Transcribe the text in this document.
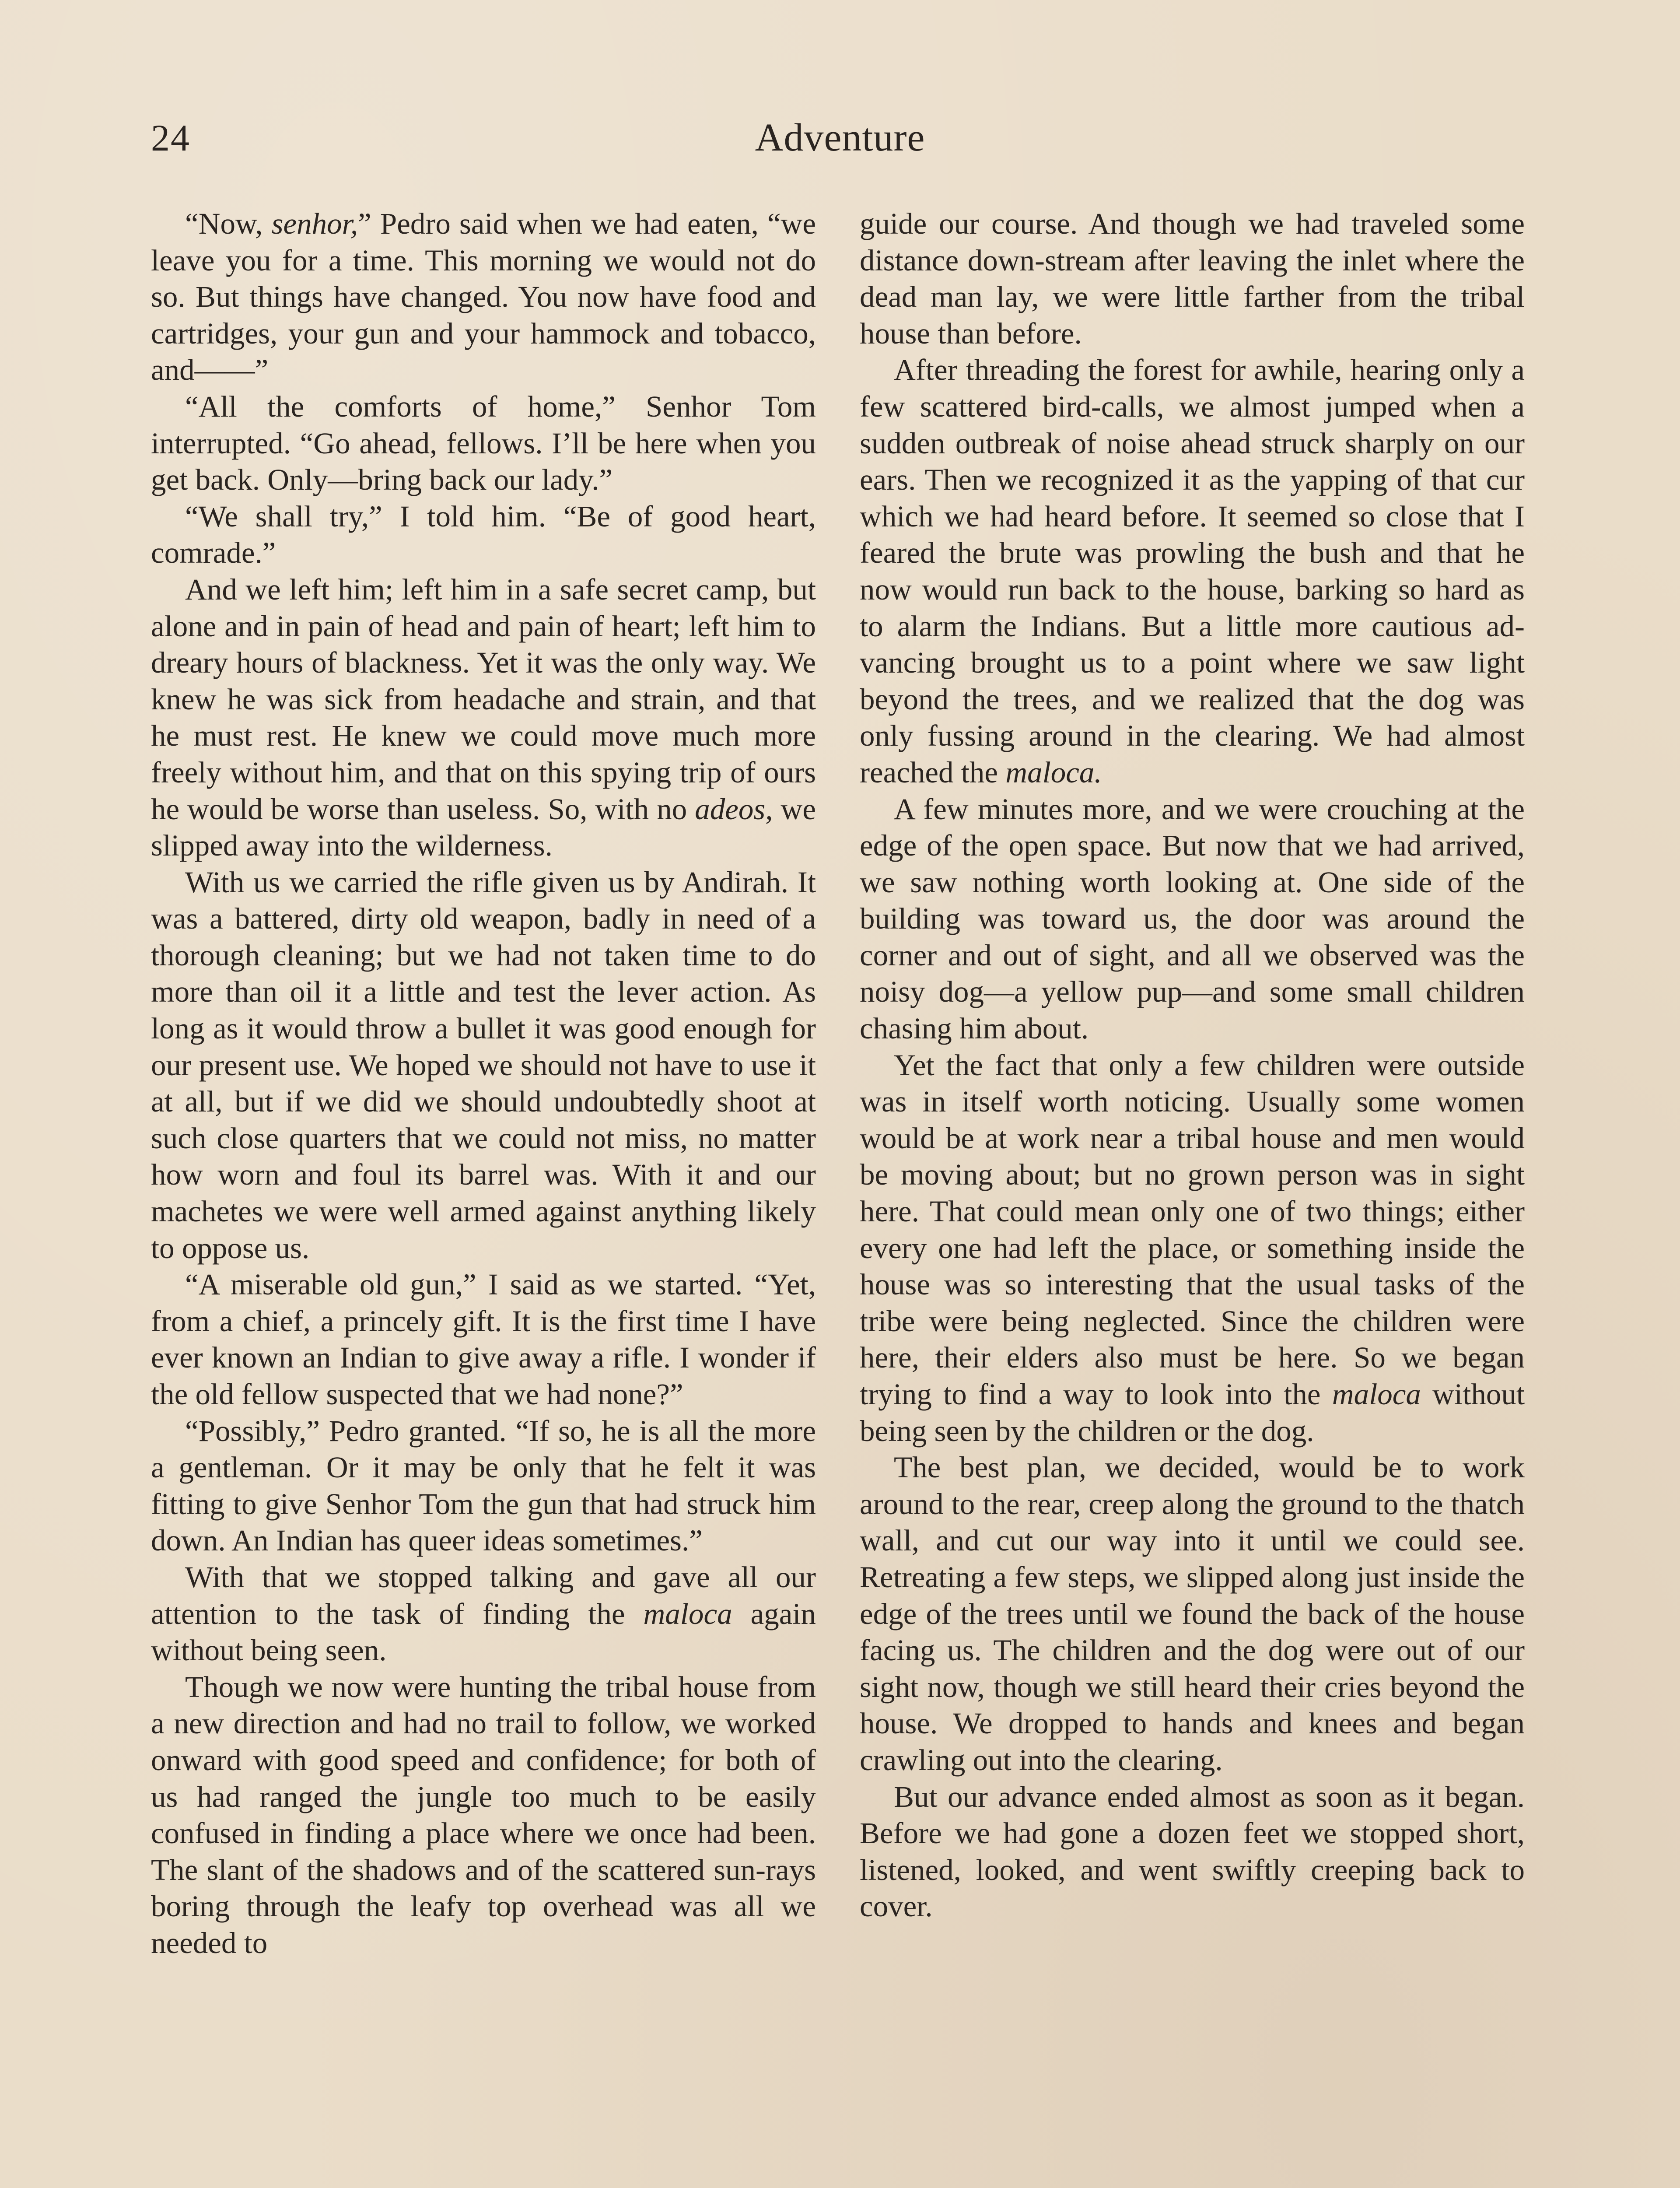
24	Adventure

“Now, senhor,” Pedro said when we had eaten, “we leave you for a time. This morning we would not do so. But things have changed. You now have food and cartridges, your gun and your hammock and tobacco, and——”

“All the comforts of home,” Senhor Tom interrupted. “Go ahead, fellows. I’ll be here when you get back. Only—bring back our lady.”

“We shall try,” I told him. “Be of good heart, comrade.”

And we left him; left him in a safe secret camp, but alone and in pain of head and pain of heart; left him to dreary hours of blackness. Yet it was the only way. We knew he was sick from headache and strain, and that he must rest. He knew we could move much more freely without him, and that on this spying trip of ours he would be worse than useless. So, with no adeos, we slipped away into the wilderness.

With us we carried the rifle given us by Andirah. It was a battered, dirty old weapon, badly in need of a thorough cleaning; but we had not taken time to do more than oil it a little and test the lever action. As long as it would throw a bullet it was good enough for our present use. We hoped we should not have to use it at all, but if we did we should undoubtedly shoot at such close quarters that we could not miss, no matter how worn and foul its barrel was. With it and our machetes we were well armed against anything likely to oppose us.

“A miserable old gun,” I said as we started. “Yet, from a chief, a princely gift. It is the first time I have ever known an Indian to give away a rifle. I wonder if the old fellow suspected that we had none?”

“Possibly,” Pedro granted. “If so, he is all the more a gentleman. Or it may be only that he felt it was fitting to give Senhor Tom the gun that had struck him down. An Indian has queer ideas sometimes.”

With that we stopped talking and gave all our attention to the task of finding the maloca again without being seen.

Though we now were hunting the tribal house from a new direction and had no trail to follow, we worked onward with good speed and confidence; for both of us had ranged the jungle too much to be easily confused in finding a place where we once had been. The slant of the shadows and of the scattered sun-rays boring through the leafy top overhead was all we needed to

guide our course. And though we had traveled some distance down-stream after leaving the inlet where the dead man lay, we were little farther from the tribal house than before.

After threading the forest for awhile, hearing only a few scattered bird-calls, we almost jumped when a sudden outbreak of noise ahead struck sharply on our ears. Then we recognized it as the yapping of that cur which we had heard before. It seemed so close that I feared the brute was prowling the bush and that he now would run back to the house, barking so hard as to alarm the Indians. But a little more cautious advancing brought us to a point where we saw light beyond the trees, and we realized that the dog was only fussing around in the clearing. We had almost reached the maloca.

A few minutes more, and we were crouching at the edge of the open space. But now that we had arrived, we saw nothing worth looking at. One side of the building was toward us, the door was around the corner and out of sight, and all we observed was the noisy dog—a yellow pup—and some small children chasing him about.

Yet the fact that only a few children were outside was in itself worth noticing. Usually some women would be at work near a tribal house and men would be moving about; but no grown person was in sight here. That could mean only one of two things; either every one had left the place, or something inside the house was so interesting that the usual tasks of the tribe were being neglected. Since the children were here, their elders also must be here. So we began trying to find a way to look into the maloca without being seen by the children or the dog.

The best plan, we decided, would be to work around to the rear, creep along the ground to the thatch wall, and cut our way into it until we could see. Retreating a few steps, we slipped along just inside the edge of the trees until we found the back of the house facing us. The children and the dog were out of our sight now, though we still heard their cries beyond the house. We dropped to hands and knees and began crawling out into the clearing.

But our advance ended almost as soon as it began. Before we had gone a dozen feet we stopped short, listened, looked, and went swiftly creeping back to cover.
